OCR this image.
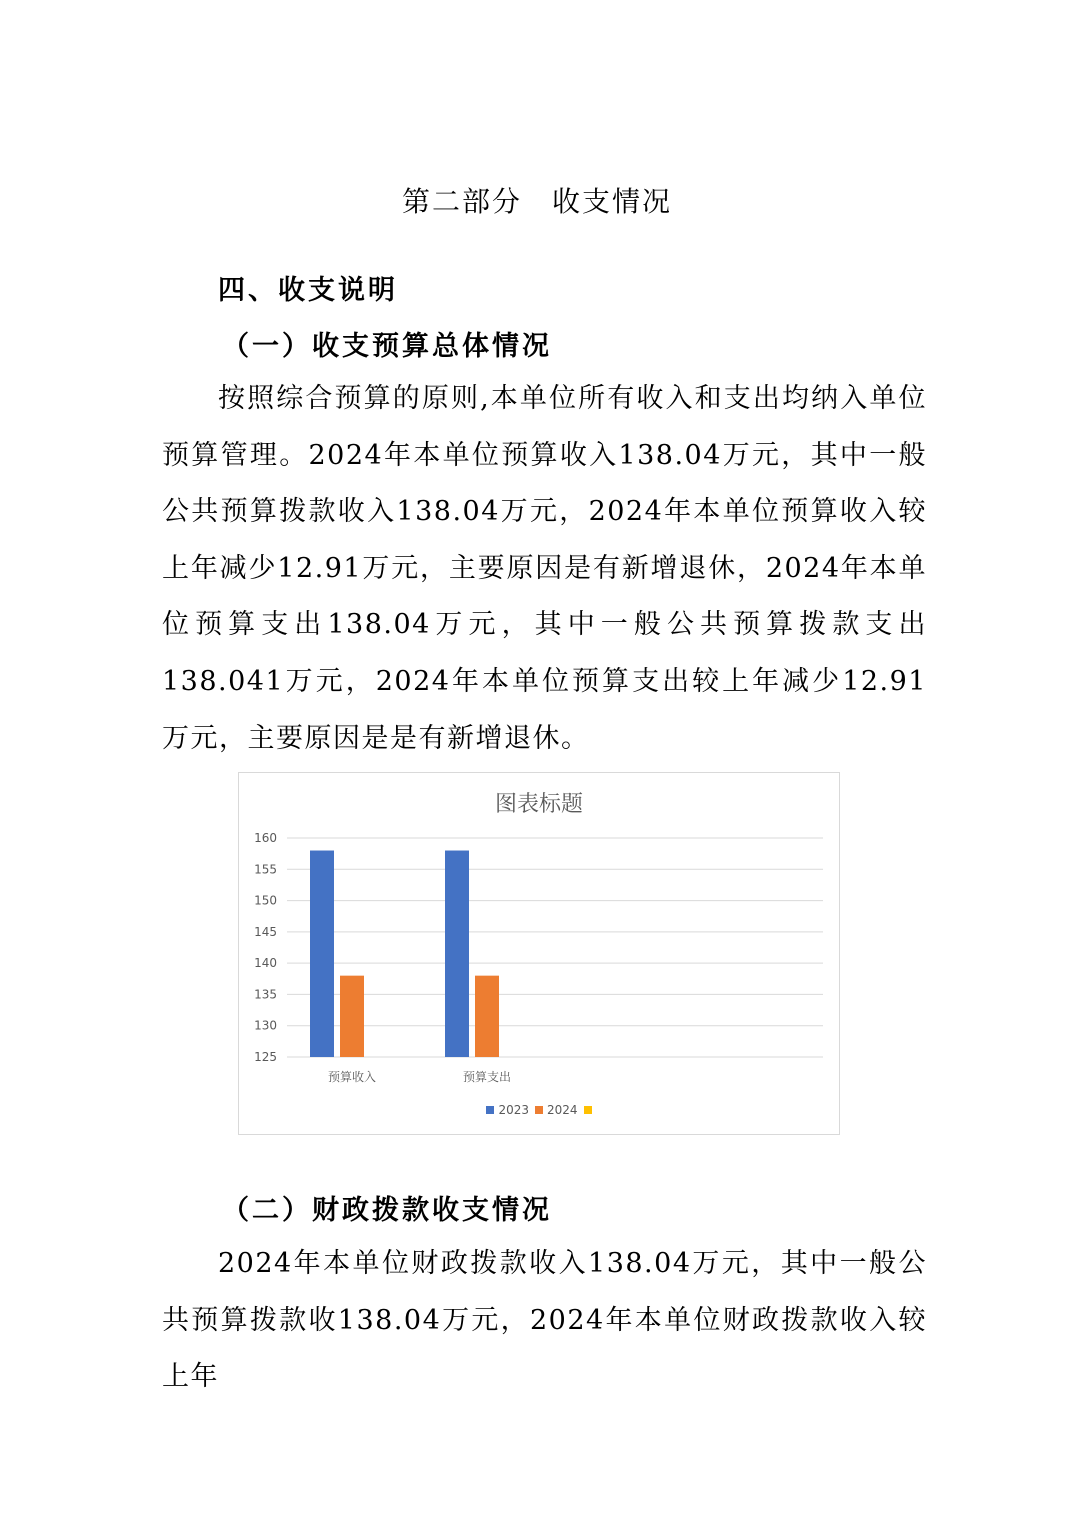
第二部分　收支情况
四、收支说明
（一）收支预算总体情况
按照综合预算的原则,本单位所有收入和支出均纳入单位预算管理。2024年本单位预算收入138.04万元，其中一般公共预算拨款收入138.04万元，2024年本单位预算收入较上年减少12.91万元，主要原因是有新增退休，2024年本单位预算支出138.04万元，其中一般公共预算拨款支出138.041万元，2024年本单位预算支出较上年减少12.91万元，主要原因是是有新增退休。
图表标题
125
130
135
140
145
150
155
160
预算收入	预算支出
2023 2024
（二）财政拨款收支情况
2024年本单位财政拨款收入138.04万元，其中一般公共预算拨款收138.04万元，2024年本单位财政拨款收入较上年
